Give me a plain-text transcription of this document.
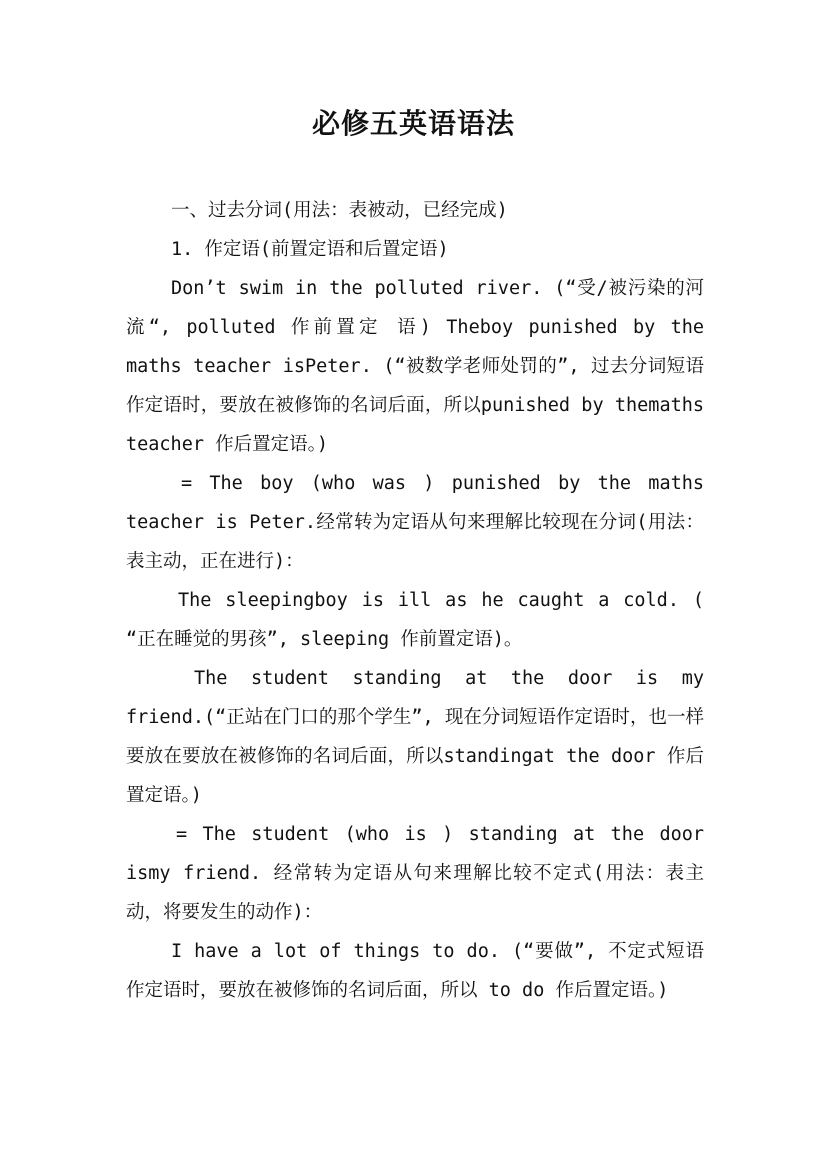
必修五英语语法

一、过去分词(用法：表被动，已经完成)

1. 作定语(前置定语和后置定语)

Don’t swim in the polluted river. (“受/被污染的河流“, polluted 作前置定 语) Theboy punished by the maths teacher isPeter. (“被数学老师处罚的”, 过去分词短语作定语时，要放在被修饰的名词后面，所以punished by themaths teacher 作后置定语。)

= The boy (who was ) punished by the maths teacher is Peter.经常转为定语从句来理解比较现在分词(用法：表主动，正在进行)：

The sleepingboy is ill as he caught a cold. ( “正在睡觉的男孩”, sleeping 作前置定语)。

The student standing at the door is my friend.(“正站在门口的那个学生”, 现在分词短语作定语时，也一样要放在要放在被修饰的名词后面，所以standingat the door 作后置定语。)

= The student (who is ) standing at the door ismy friend. 经常转为定语从句来理解比较不定式(用法：表主动，将要发生的动作)：

I have a lot of things to do. (“要做”, 不定式短语作定语时，要放在被修饰的名词后面，所以 to do 作后置定语。)
